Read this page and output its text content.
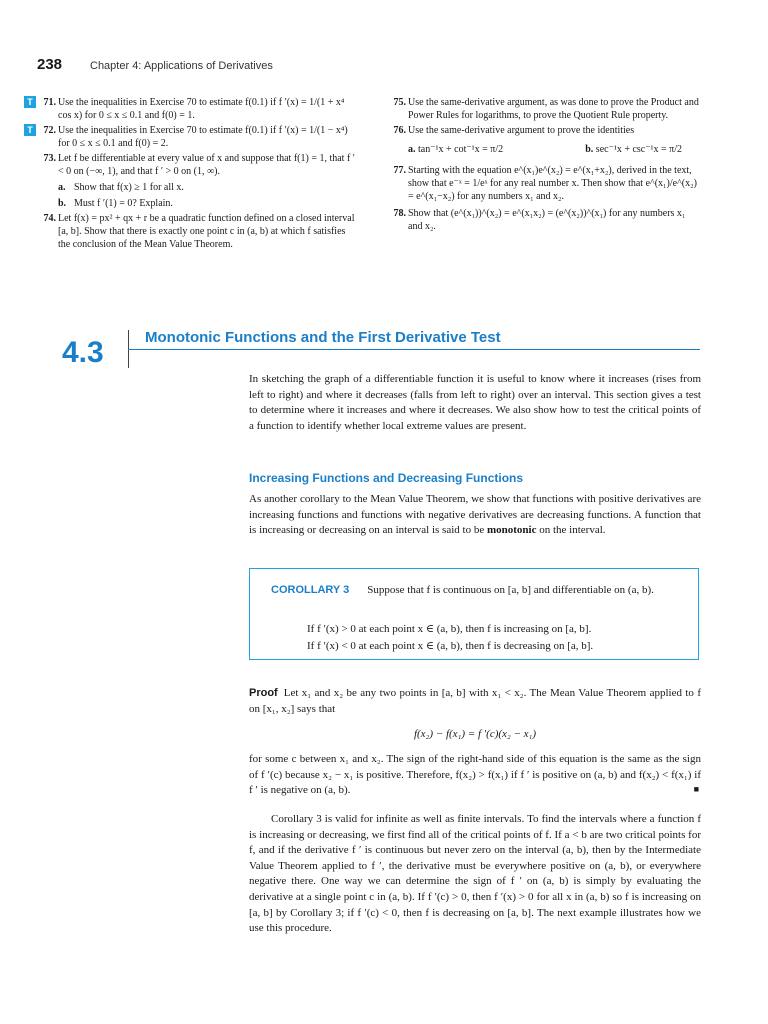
238	Chapter 4: Applications of Derivatives
T	71. Use the inequalities in Exercise 70 to estimate f(0.1) if f ′(x) = 1/(1 + x⁴ cos x) for 0 ≤ x ≤ 0.1 and f(0) = 1.
T	72. Use the inequalities in Exercise 70 to estimate f(0.1) if f ′(x) = 1/(1 − x⁴) for 0 ≤ x ≤ 0.1 and f(0) = 2.
73. Let f be differentiable at every value of x and suppose that f(1) = 1, that f ′ < 0 on (−∞, 1), and that f ′ > 0 on (1, ∞).
a. Show that f(x) ≥ 1 for all x.
b. Must f ′(1) = 0? Explain.
74. Let f(x) = px² + qx + r be a quadratic function defined on a closed interval [a, b]. Show that there is exactly one point c in (a, b) at which f satisfies the conclusion of the Mean Value Theorem.
75. Use the same-derivative argument, as was done to prove the Product and Power Rules for logarithms, to prove the Quotient Rule property.
76. Use the same-derivative argument to prove the identities
a. tan⁻¹x + cot⁻¹x = π/2	b. sec⁻¹x + csc⁻¹x = π/2
77. Starting with the equation e^(x₁)e^(x₂) = e^(x₁+x₂), derived in the text, show that e⁻ˣ = 1/eˣ for any real number x. Then show that e^(x₁)/e^(x₂) = e^(x₁−x₂) for any numbers x₁ and x₂.
78. Show that (e^(x₁))^(x₂) = e^(x₁x₂) = (e^(x₂))^(x₁) for any numbers x₁ and x₂.
4.3	Monotonic Functions and the First Derivative Test
In sketching the graph of a differentiable function it is useful to know where it increases (rises from left to right) and where it decreases (falls from left to right) over an interval. This section gives a test to determine where it increases and where it decreases. We also show how to test the critical points of a function to identify whether local extreme values are present.
Increasing Functions and Decreasing Functions
As another corollary to the Mean Value Theorem, we show that functions with positive derivatives are increasing functions and functions with negative derivatives are decreasing functions. A function that is increasing or decreasing on an interval is said to be monotonic on the interval.
COROLLARY 3 Suppose that f is continuous on [a, b] and differentiable on (a, b).
If f ′(x) > 0 at each point x ∈ (a, b), then f is increasing on [a, b].
If f ′(x) < 0 at each point x ∈ (a, b), then f is decreasing on [a, b].
Proof Let x₁ and x₂ be any two points in [a, b] with x₁ < x₂. The Mean Value Theorem applied to f on [x₁, x₂] says that
f(x₂) − f(x₁) = f ′(c)(x₂ − x₁)
for some c between x₁ and x₂. The sign of the right-hand side of this equation is the same as the sign of f ′(c) because x₂ − x₁ is positive. Therefore, f(x₂) > f(x₁) if f ′ is positive on (a, b) and f(x₂) < f(x₁) if f ′ is negative on (a, b).	■
Corollary 3 is valid for infinite as well as finite intervals. To find the intervals where a function f is increasing or decreasing, we first find all of the critical points of f. If a < b are two critical points for f, and if the derivative f ′ is continuous but never zero on the interval (a, b), then by the Intermediate Value Theorem applied to f ′, the derivative must be everywhere positive on (a, b), or everywhere negative there. One way we can determine the sign of f ′ on (a, b) is simply by evaluating the derivative at a single point c in (a, b). If f ′(c) > 0, then f ′(x) > 0 for all x in (a, b) so f is increasing on [a, b] by Corollary 3; if f ′(c) < 0, then f is decreasing on [a, b]. The next example illustrates how we use this procedure.
